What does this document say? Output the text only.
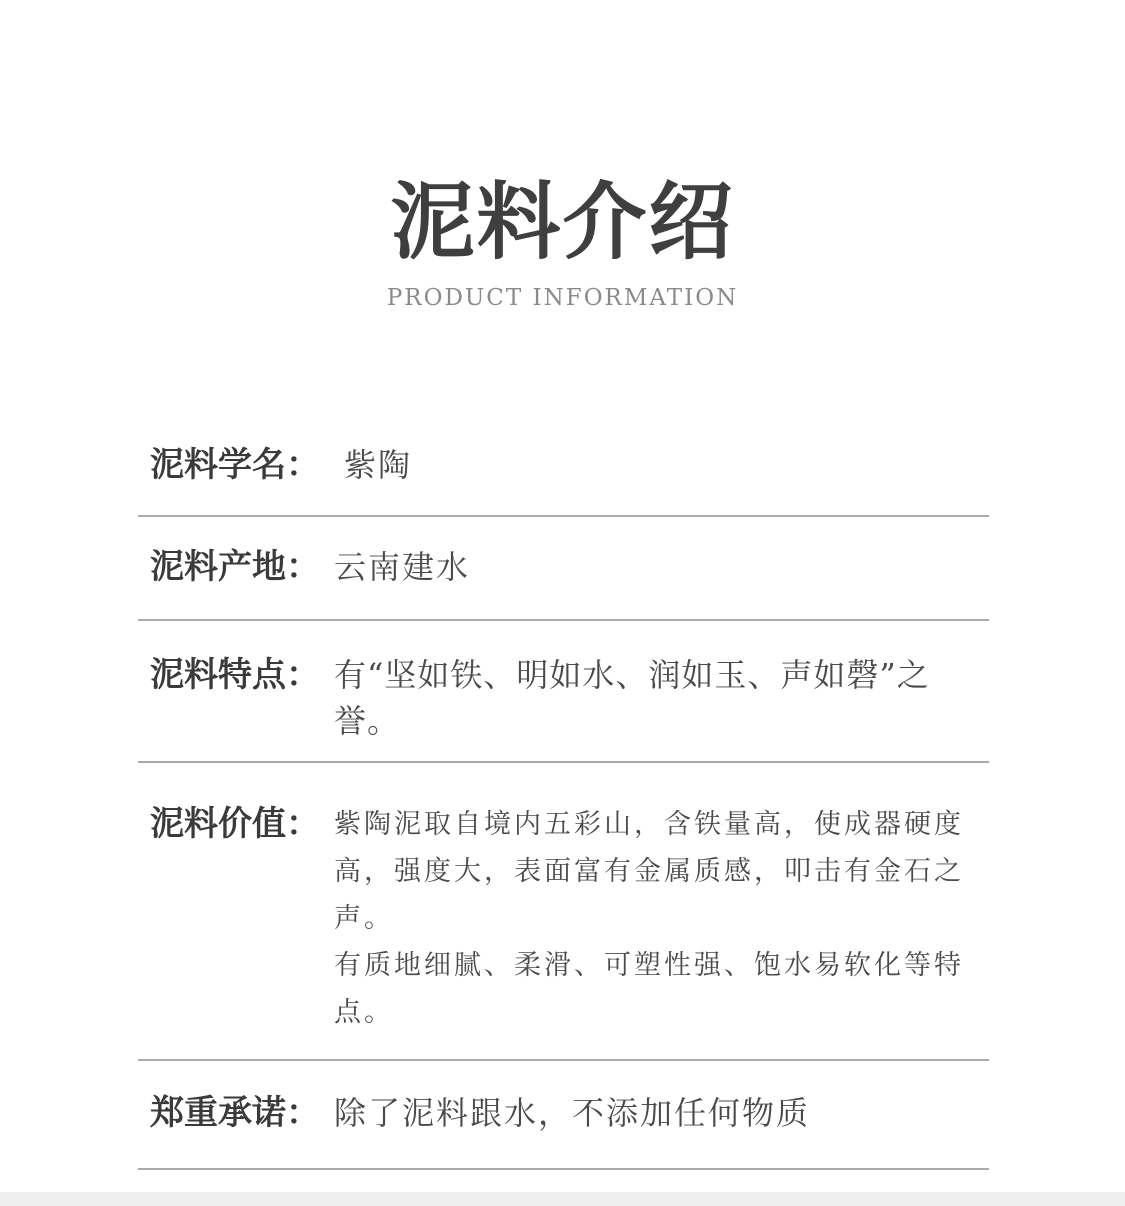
泥料介绍
PRODUCT INFORMATION
泥料学名： 紫陶
泥料产地： 云南建水
泥料特点： 有“坚如铁、明如水、润如玉、声如磬”之誉。
泥料价值： 紫陶泥取自境内五彩山，含铁量高，使成器硬度高，强度大，表面富有金属质感，叩击有金石之声。

有质地细腻、柔滑、可塑性强、饱水易软化等特点。

郑重承诺： 除了泥料跟水，不添加任何物质
